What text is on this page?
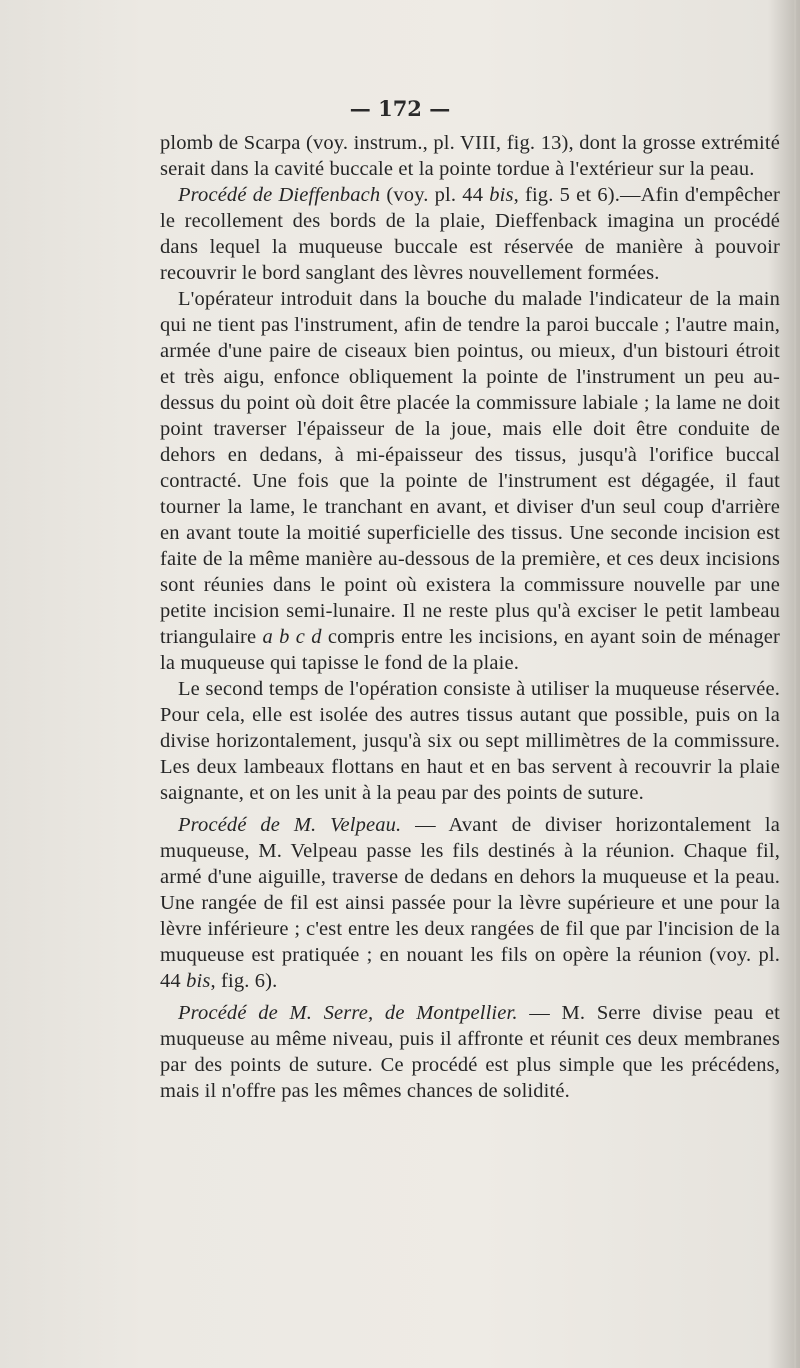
— 172 —

plomb de Scarpa (voy. instrum., pl. VIII, fig. 13), dont la grosse extrémité serait dans la cavité buccale et la pointe tordue à l'extérieur sur la peau.

Procédé de Dieffenbach (voy. pl. 44 bis, fig. 5 et 6).—Afin d'empêcher le recollement des bords de la plaie, Dieffenback imagina un procédé dans lequel la muqueuse buccale est réservée de manière à pouvoir recouvrir le bord sanglant des lèvres nouvellement formées.

L'opérateur introduit dans la bouche du malade l'indicateur de la main qui ne tient pas l'instrument, afin de tendre la paroi buccale ; l'autre main, armée d'une paire de ciseaux bien pointus, ou mieux, d'un bistouri étroit et très aigu, enfonce obliquement la pointe de l'instrument un peu au-dessus du point où doit être placée la commissure labiale ; la lame ne doit point traverser l'épaisseur de la joue, mais elle doit être conduite de dehors en dedans, à mi-épaisseur des tissus, jusqu'à l'orifice buccal contracté. Une fois que la pointe de l'instrument est dégagée, il faut tourner la lame, le tranchant en avant, et diviser d'un seul coup d'arrière en avant toute la moitié superficielle des tissus. Une seconde incision est faite de la même manière au-dessous de la première, et ces deux incisions sont réunies dans le point où existera la commissure nouvelle par une petite incision semi-lunaire. Il ne reste plus qu'à exciser le petit lambeau triangulaire a b c d compris entre les incisions, en ayant soin de ménager la muqueuse qui tapisse le fond de la plaie.

Le second temps de l'opération consiste à utiliser la muqueuse réservée. Pour cela, elle est isolée des autres tissus autant que possible, puis on la divise horizontalement, jusqu'à six ou sept millimètres de la commissure. Les deux lambeaux flottans en haut et en bas servent à recouvrir la plaie saignante, et on les unit à la peau par des points de suture.

Procédé de M. Velpeau. — Avant de diviser horizontalement la muqueuse, M. Velpeau passe les fils destinés à la réunion. Chaque fil, armé d'une aiguille, traverse de dedans en dehors la muqueuse et la peau. Une rangée de fil est ainsi passée pour la lèvre supérieure et une pour la lèvre inférieure ; c'est entre les deux rangées de fil que par l'incision de la muqueuse est pratiquée ; en nouant les fils on opère la réunion (voy. pl. 44 bis, fig. 6).

Procédé de M. Serre, de Montpellier. — M. Serre divise peau et muqueuse au même niveau, puis il affronte et réunit ces deux membranes par des points de suture. Ce procédé est plus simple que les précédens, mais il n'offre pas les mêmes chances de solidité.
